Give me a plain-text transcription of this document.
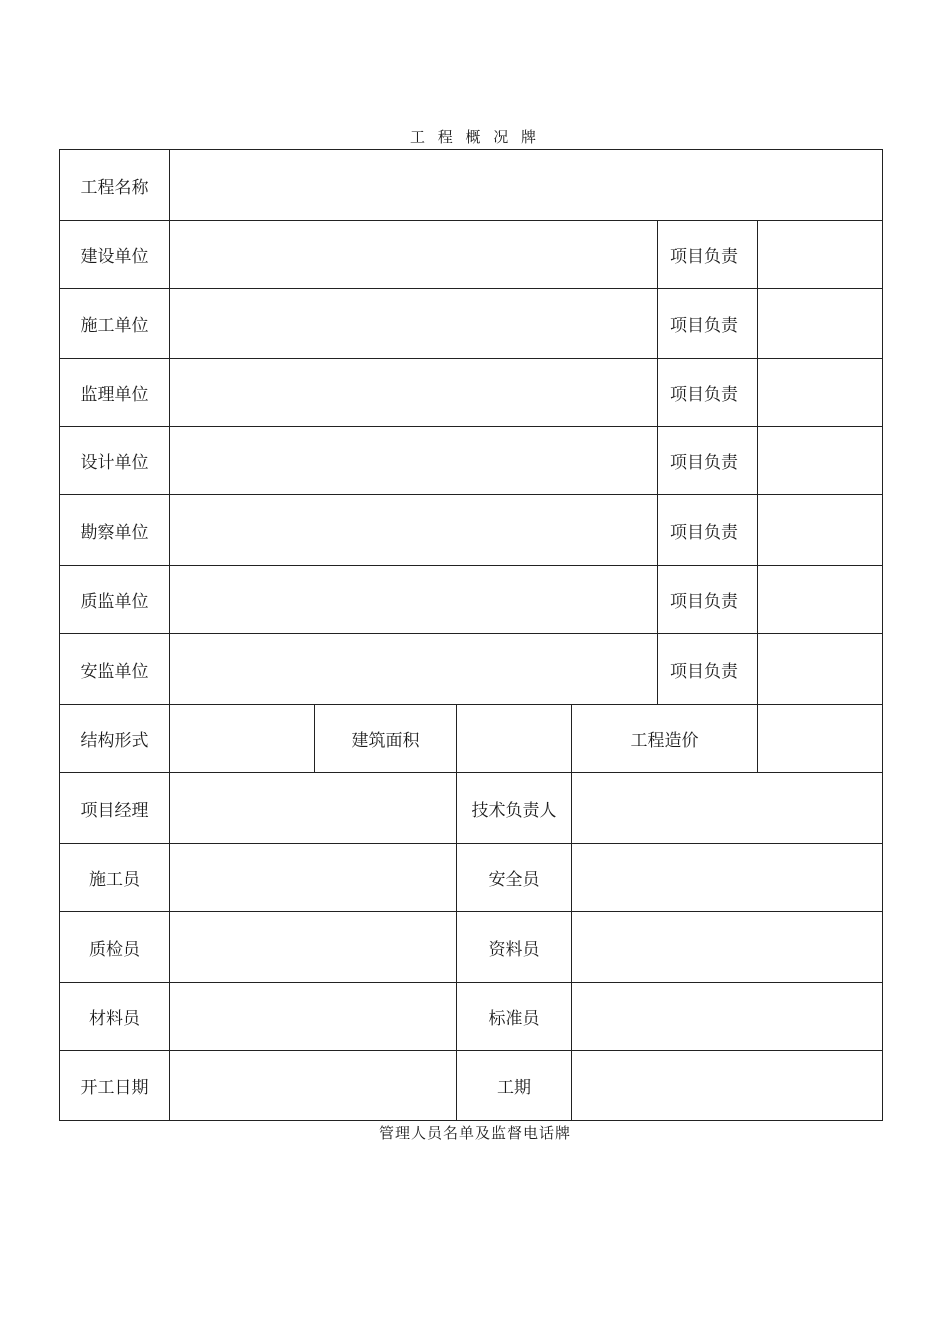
工 程 概 况 牌
工程名称						
建设单位					项目负责	
施工单位					项目负责	
监理单位					项目负责	
设计单位					项目负责	
勘察单位					项目负责	
质监单位					项目负责	
安监单位					项目负责	
结构形式		建筑面积		工程造价		
项目经理			技术负责人			
施工员			安全员			
质检员			资料员			
材料员			标准员			
开工日期			工期			
管理人员名单及监督电话牌
